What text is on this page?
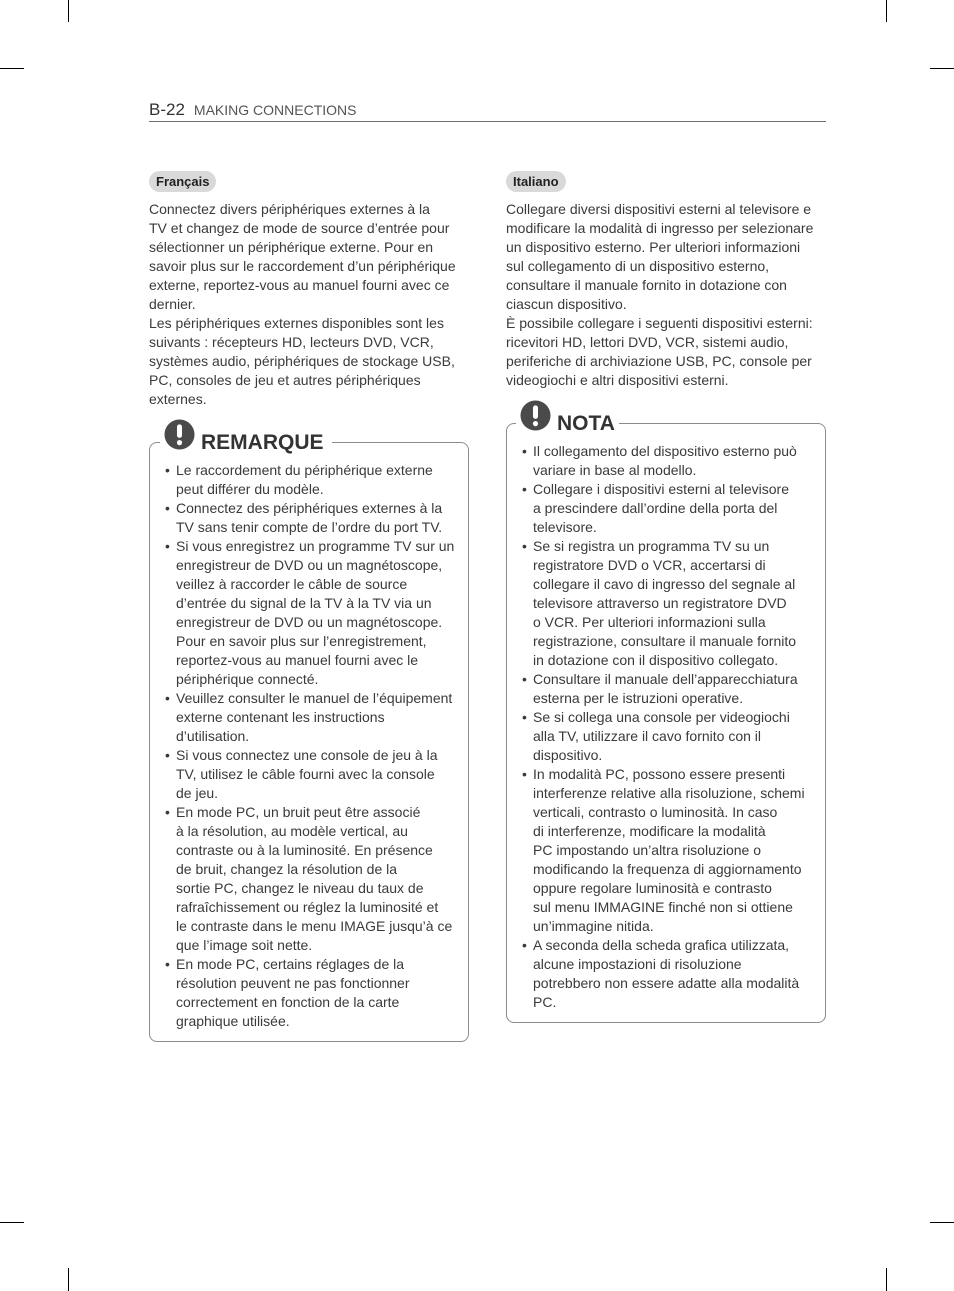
B-22 MAKING CONNECTIONS
Français

Connectez divers périphériques externes à la
TV et changez de mode de source d’entrée pour
sélectionner un périphérique externe. Pour en
savoir plus sur le raccordement d’un périphérique
externe, reportez-vous au manuel fourni avec ce
dernier.

Les périphériques externes disponibles sont les
suivants : récepteurs HD, lecteurs DVD, VCR,
systèmes audio, périphériques de stockage USB,
PC, consoles de jeu et autres périphériques
externes.

REMARQUE
• Le raccordement du périphérique externe
peut différer du modèle.
• Connectez des périphériques externes à la
TV sans tenir compte de l’ordre du port TV.
• Si vous enregistrez un programme TV sur un
enregistreur de DVD ou un magnétoscope,
veillez à raccorder le câble de source
d’entrée du signal de la TV à la TV via un
enregistreur de DVD ou un magnétoscope.
Pour en savoir plus sur l’enregistrement,
reportez-vous au manuel fourni avec le
périphérique connecté.
• Veuillez consulter le manuel de l’équipement
externe contenant les instructions
d’utilisation.
• Si vous connectez une console de jeu à la
TV, utilisez le câble fourni avec la console
de jeu.
• En mode PC, un bruit peut être associé
à la résolution, au modèle vertical, au
contraste ou à la luminosité. En présence
de bruit, changez la résolution de la
sortie PC, changez le niveau du taux de
rafraîchissement ou réglez la luminosité et
le contraste dans le menu IMAGE jusqu’à ce
que l’image soit nette.
• En mode PC, certains réglages de la
résolution peuvent ne pas fonctionner
correctement en fonction de la carte
graphique utilisée.
Italiano

Collegare diversi dispositivi esterni al televisore e
modificare la modalità di ingresso per selezionare
un dispositivo esterno. Per ulteriori informazioni
sul collegamento di un dispositivo esterno,
consultare il manuale fornito in dotazione con
ciascun dispositivo.

È possibile collegare i seguenti dispositivi esterni:
ricevitori HD, lettori DVD, VCR, sistemi audio,
periferiche di archiviazione USB, PC, console per
videogiochi e altri dispositivi esterni.

NOTA
• Il collegamento del dispositivo esterno può
variare in base al modello.
• Collegare i dispositivi esterni al televisore
a prescindere dall’ordine della porta del
televisore.
• Se si registra un programma TV su un
registratore DVD o VCR, accertarsi di
collegare il cavo di ingresso del segnale al
televisore attraverso un registratore DVD
o VCR. Per ulteriori informazioni sulla
registrazione, consultare il manuale fornito
in dotazione con il dispositivo collegato.
• Consultare il manuale dell’apparecchiatura
esterna per le istruzioni operative.
• Se si collega una console per videogiochi
alla TV, utilizzare il cavo fornito con il
dispositivo.
• In modalità PC, possono essere presenti
interferenze relative alla risoluzione, schemi
verticali, contrasto o luminosità. In caso
di interferenze, modificare la modalità
PC impostando un’altra risoluzione o
modificando la frequenza di aggiornamento
oppure regolare luminosità e contrasto
sul menu IMMAGINE finché non si ottiene
un’immagine nitida.
• A seconda della scheda grafica utilizzata,
alcune impostazioni di risoluzione
potrebbero non essere adatte alla modalità
PC.
